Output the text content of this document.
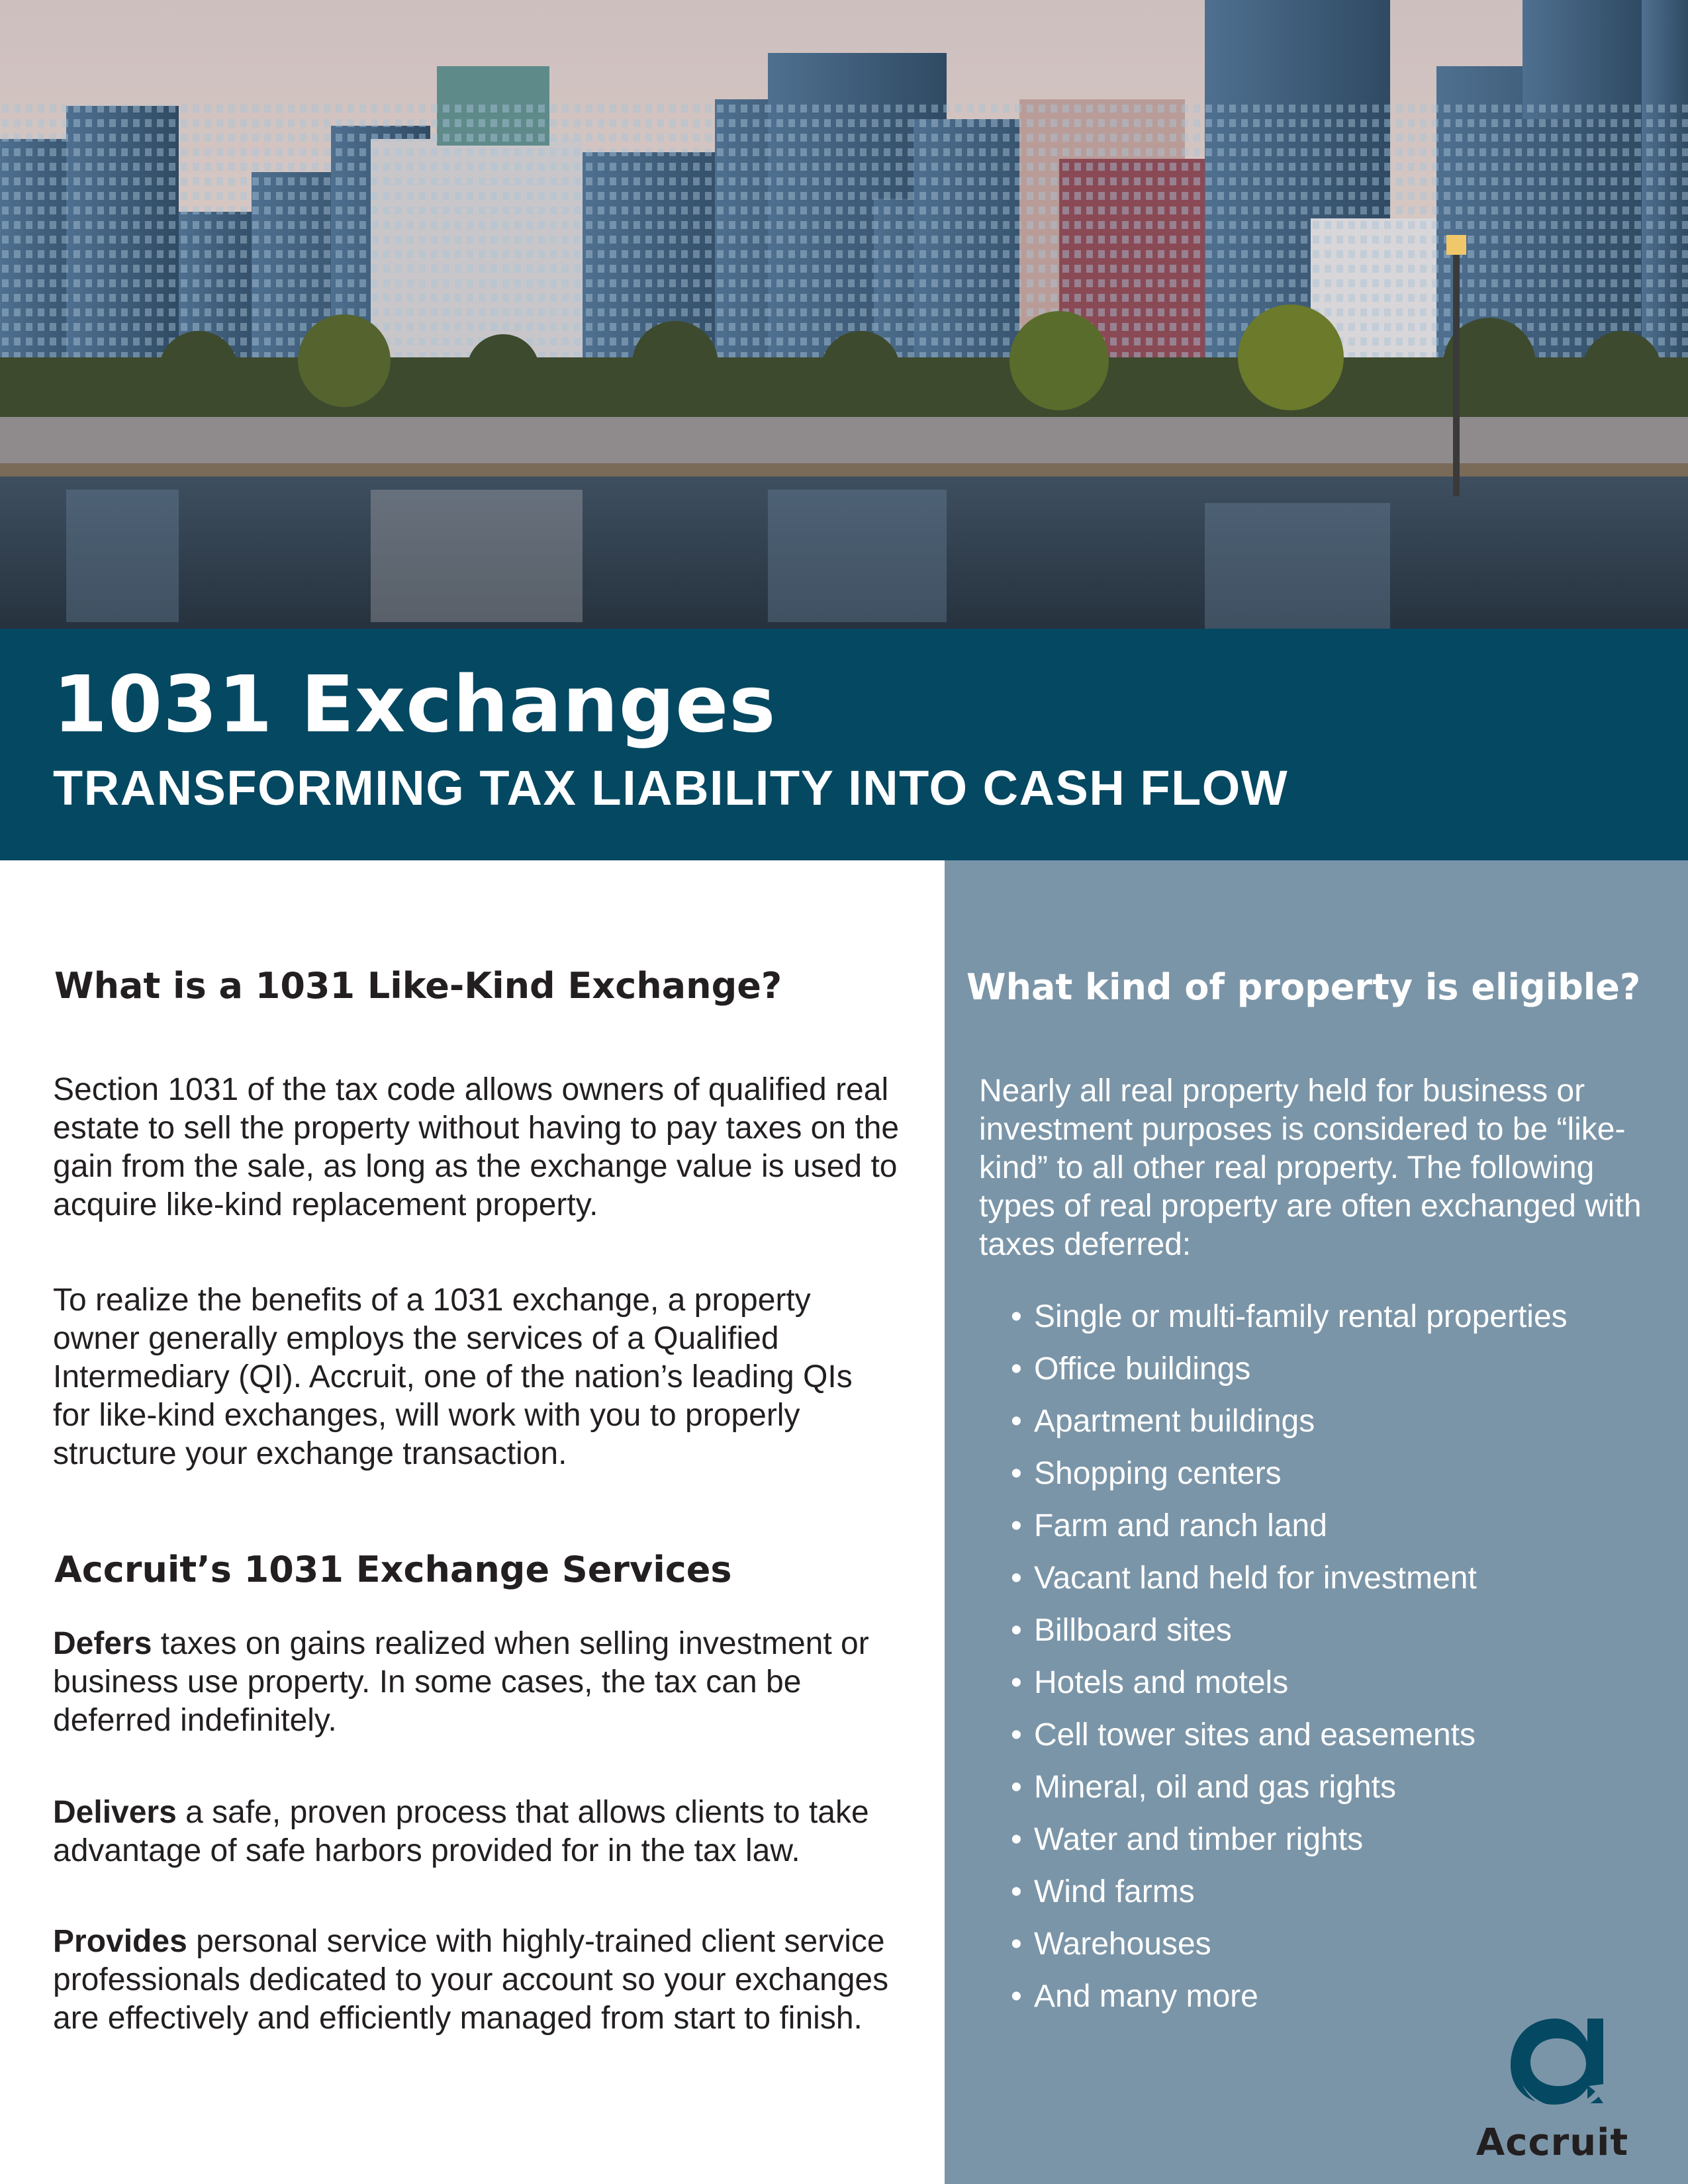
1031 Exchanges
TRANSFORMING TAX LIABILITY INTO CASH FLOW
What is a 1031 Like-Kind Exchange?

Section 1031 of the tax code allows owners of qualified real estate to sell the property without having to pay taxes on the gain from the sale, as long as the exchange value is used to acquire like-kind replacement property.

To realize the benefits of a 1031 exchange, a property owner generally employs the services of a Qualified Intermediary (QI). Accruit, one of the nation’s leading QIs for like-kind exchanges, will work with you to properly structure your exchange transaction.

Accruit’s 1031 Exchange Services

Defers taxes on gains realized when selling investment or business use property. In some cases, the tax can be deferred indefinitely.

Delivers a safe, proven process that allows clients to take advantage of safe harbors provided for in the tax law.

Provides personal service with highly-trained client service professionals dedicated to your account so your exchanges are effectively and efficiently managed from start to finish.

What kind of property is eligible?

Nearly all real property held for business or investment purposes is considered to be “like-kind” to all other real property. The following types of real property are often exchanged with taxes deferred:

• Single or multi-family rental properties
• Office buildings
• Apartment buildings
• Shopping centers
• Farm and ranch land
• Vacant land held for investment
• Billboard sites
• Hotels and motels
• Cell tower sites and easements
• Mineral, oil and gas rights
• Water and timber rights
• Wind farms
• Warehouses
• And many more
Accruit
